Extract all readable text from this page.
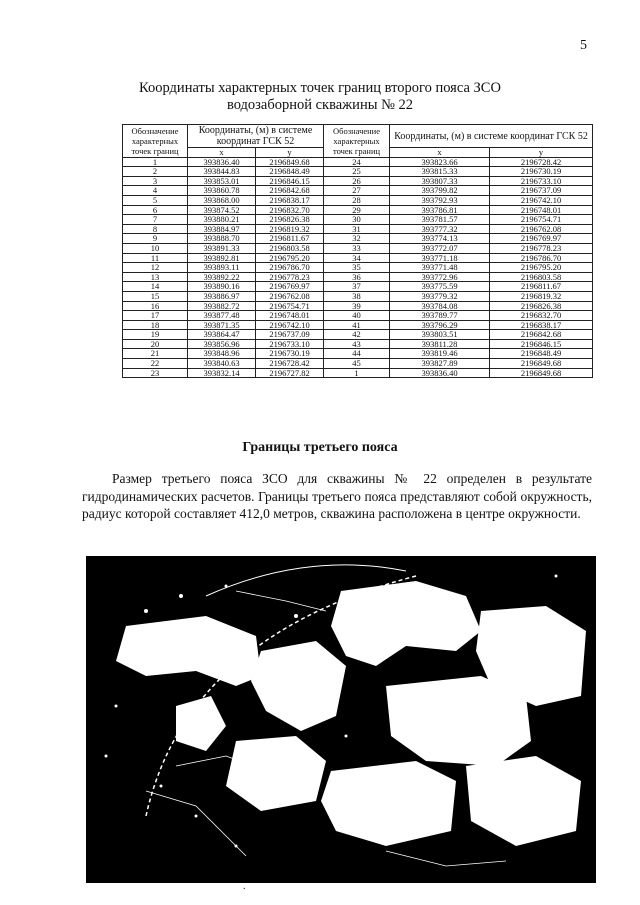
5
Координаты характерных точек границ второго пояса ЗСО
водозаборной скважины № 22
Обозначение характерных точек границ	Координаты, (м) в системе координат ГСК 52		Обозначение характерных точек границ	Координаты, (м) в системе координат ГСК 52	
	x	y		x	y
1	393836.40	2196849.68	24	393823.66	2196728.42
2	393844.83	2196848.49	25	393815.33	2196730.19
3	393853.01	2196846.15	26	393807.33	2196733.10
4	393860.78	2196842.68	27	393799.82	2196737.09
5	393868.00	2196838.17	28	393792.93	2196742.10
6	393874.52	2196832.70	29	393786.81	2196748.01
7	393880.21	2196826.38	30	393781.57	2196754.71
8	393884.97	2196819.32	31	393777.32	2196762.08
9	393888.70	2196811.67	32	393774.13	2196769.97
10	393891.33	2196803.58	33	393772.07	2196778.23
11	393892.81	2196795.20	34	393771.18	2196786.70
12	393893.11	2196786.70	35	393771.48	2196795.20
13	393892.22	2196778.23	36	393772.96	2196803.58
14	393890.16	2196769.97	37	393775.59	2196811.67
15	393886.97	2196762.08	38	393779.32	2196819.32
16	393882.72	2196754.71	39	393784.08	2196826.38
17	393877.48	2196748.01	40	393789.77	2196832.70
18	393871.35	2196742.10	41	393796.29	2196838.17
19	393864.47	2196737.09	42	393803.51	2196842.68
20	393856.96	2196733.10	43	393811.28	2196846.15
21	393848.96	2196730.19	44	393819.46	2196848.49
22	393840.63	2196728.42	45	393827.89	2196849.68
23	393832.14	2196727.82	1	393836.40	2196849.68
Границы третьего пояса
Размер третьего пояса ЗСО для скважины № 22 определен в результате гидродинамических расчетов. Границы третьего пояса представляют собой окружность, радиус которой составляет 412,0 метров, скважина расположена в центре окружности.
.
